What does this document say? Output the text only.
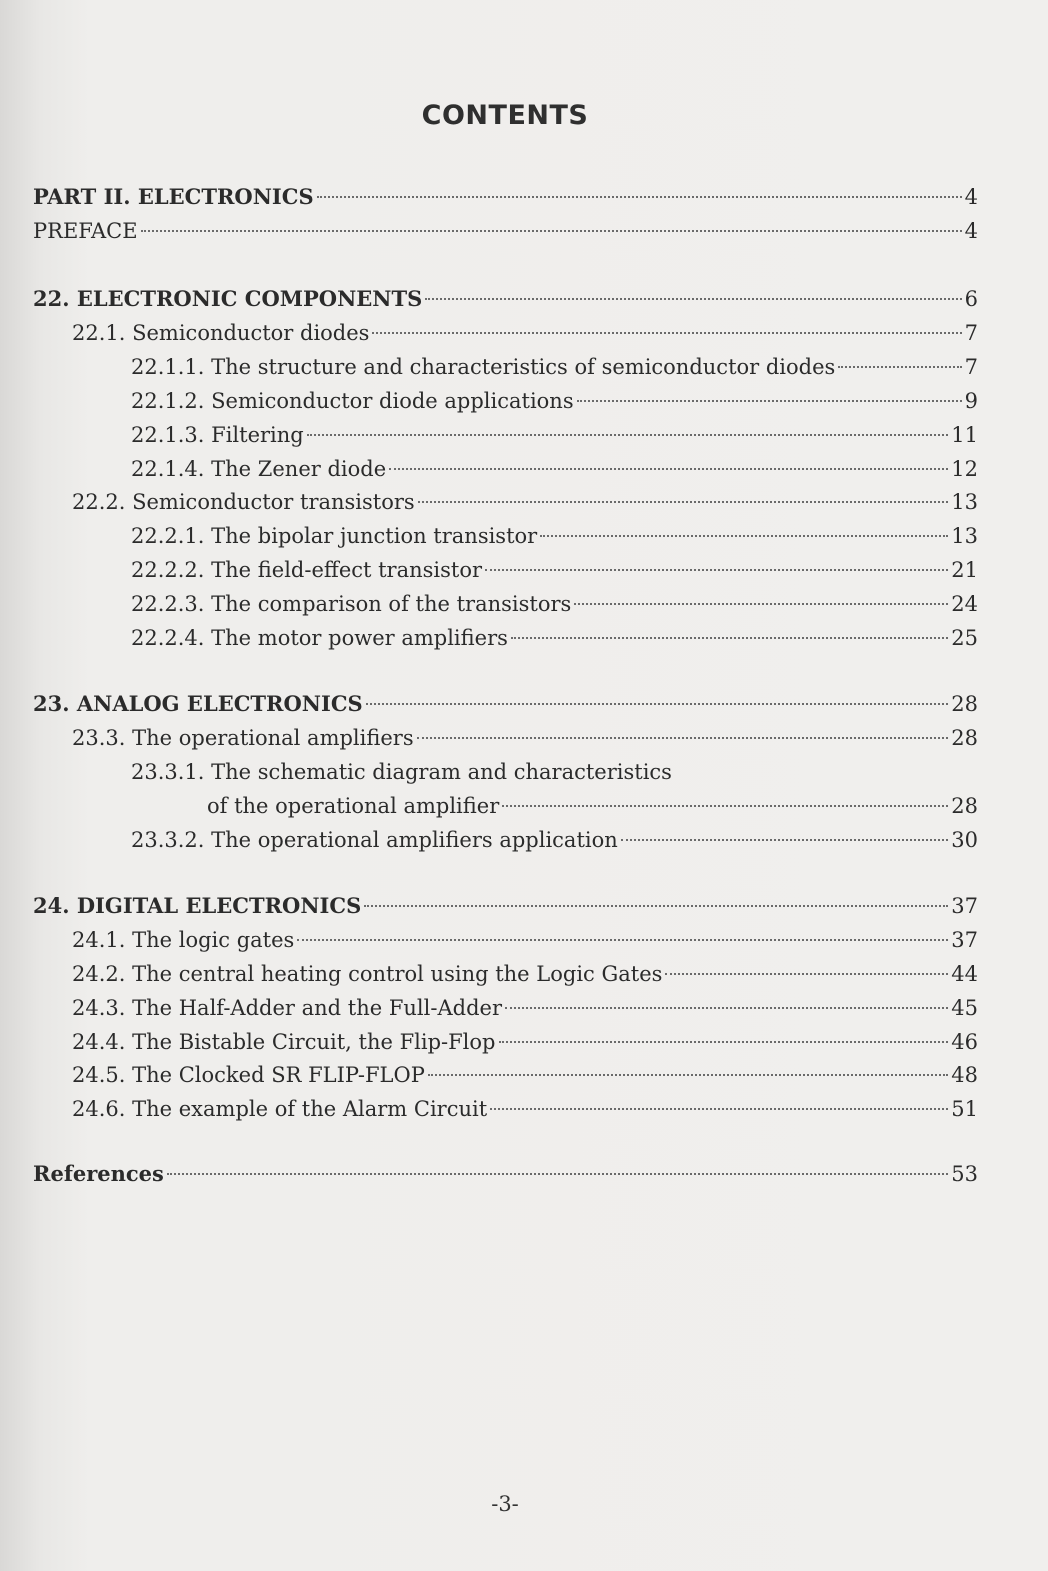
CONTENTS
PART II. ELECTRONICS	4
PREFACE	4
22. ELECTRONIC COMPONENTS	6
22.1. Semiconductor diodes	7
22.1.1. The structure and characteristics of semiconductor diodes	7
22.1.2. Semiconductor diode applications	9
22.1.3. Filtering	11
22.1.4. The Zener diode	12
22.2. Semiconductor transistors	13
22.2.1. The bipolar junction transistor	13
22.2.2. The field-effect transistor	21
22.2.3. The comparison of the transistors	24
22.2.4. The motor power amplifiers	25
23. ANALOG ELECTRONICS	28
23.3. The operational amplifiers	28
23.3.1. The schematic diagram and characteristics
of the operational amplifier	28
23.3.2. The operational amplifiers application	30
24. DIGITAL ELECTRONICS	37
24.1. The logic gates	37
24.2. The central heating control using the Logic Gates	44
24.3. The Half-Adder and the Full-Adder	45
24.4. The Bistable Circuit, the Flip-Flop	46
24.5. The Clocked SR FLIP-FLOP	48
24.6. The example of the Alarm Circuit	51
References	53
-3-
